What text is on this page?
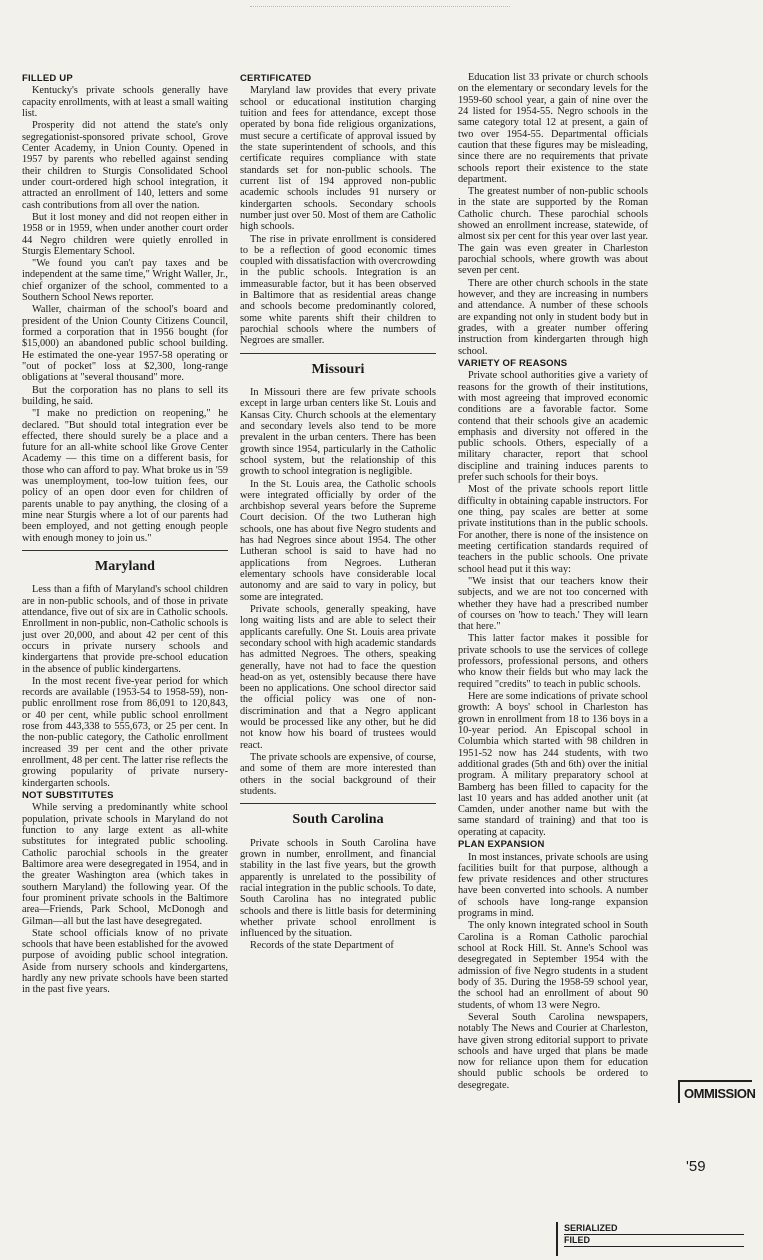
FILLED UP

Kentucky's private schools generally have capacity enrollments, with at least a small waiting list.

Prosperity did not attend the state's only segregationist-sponsored private school, Grove Center Academy, in Union County. Opened in 1957 by parents who rebelled against sending their children to Sturgis Consolidated School under court-ordered high school integration, it attracted an enrollment of 140, letters and some cash contributions from all over the nation.

But it lost money and did not reopen either in 1958 or in 1959, when under another court order 44 Negro children were quietly enrolled in Sturgis Elementary School.

"We found you can't pay taxes and be independent at the same time," Wright Waller, Jr., chief organizer of the school, commented to a Southern School News reporter.

Waller, chairman of the school's board and president of the Union County Citizens Council, formed a corporation that in 1956 bought (for $15,000) an abandoned public school building. He estimated the one-year 1957-58 operating or "out of pocket" loss at $2,300, long-range obligations at "several thousand" more.

But the corporation has no plans to sell its building, he said.

"I make no prediction on reopening," he declared. "But should total integration ever be effected, there should surely be a place and a future for an all-white school like Grove Center Academy — this time on a different basis, for those who can afford to pay. What broke us in '59 was unemployment, too-low tuition fees, our policy of an open door even for children of parents unable to pay anything, the closing of a mine near Sturgis where a lot of our parents had been employed, and not getting enough people with enough money to join us."

Maryland

Less than a fifth of Maryland's school children are in non-public schools, and of those in private attendance, five out of six are in Catholic schools. Enrollment in non-public, non-Catholic schools is just over 20,000, and about 42 per cent of this occurs in private nursery schools and kindergartens that provide pre-school education in the absence of public kindergartens.

In the most recent five-year period for which records are available (1953-54 to 1958-59), non-public enrollment rose from 86,091 to 120,843, or 40 per cent, while public school enrollment rose from 443,338 to 555,673, or 25 per cent. In the non-public category, the Catholic enrollment increased 39 per cent and the other private enrollment, 48 per cent. The latter rise reflects the growing popularity of private nursery-kindergarten schools.

NOT SUBSTITUTES

While serving a predominantly white school population, private schools in Maryland do not function to any large extent as all-white substitutes for integrated public schooling. Catholic parochial schools in the greater Baltimore area were desegregated in 1954, and in the greater Washington area (which takes in southern Maryland) the following year. Of the four prominent private schools in the Baltimore area—Friends, Park School, McDonogh and Gilman—all but the last have desegregated.

State school officials know of no private schools that have been established for the avowed purpose of avoiding public school integration. Aside from nursery schools and kindergartens, hardly any new private schools have been started in the past five years.

CERTIFICATED

Maryland law provides that every private school or educational institution charging tuition and fees for attendance, except those operated by bona fide religious organizations, must secure a certificate of approval issued by the state superintendent of schools, and this certificate requires compliance with state standards set for non-public schools. The current list of 194 approved non-public academic schools includes 91 nursery or kindergarten schools. Secondary schools number just over 50. Most of them are Catholic high schools.

The rise in private enrollment is considered to be a reflection of good economic times coupled with dissatisfaction with overcrowding in the public schools. Integration is an immeasurable factor, but it has been observed in Baltimore that as residential areas change and schools become predominantly colored, some white parents shift their children to parochial schools where the numbers of Negroes are smaller.

Missouri

In Missouri there are few private schools except in large urban centers like St. Louis and Kansas City. Church schools at the elementary and secondary levels also tend to be more prevalent in the urban centers. There has been growth since 1954, particularly in the Catholic school system, but the relationship of this growth to school integration is negligible.

In the St. Louis area, the Catholic schools were integrated officially by order of the archbishop several years before the Supreme Court decision. Of the two Lutheran high schools, one has about five Negro students and has had Negroes since about 1954. The other Lutheran school is said to have had no applications from Negroes. Lutheran elementary schools have considerable local autonomy and are said to vary in policy, but some are integrated.

Private schools, generally speaking, have long waiting lists and are able to select their applicants carefully. One St. Louis area private secondary school with high academic standards has admitted Negroes. The others, speaking generally, have not had to face the question head-on as yet, ostensibly because there have been no applications. One school director said the official policy was one of non-discrimination and that a Negro applicant would be processed like any other, but he did not know how his board of trustees would react.

The private schools are expensive, of course, and some of them are more interested than others in the social background of their students.

South Carolina

Private schools in South Carolina have grown in number, enrollment, and financial stability in the last five years, but the growth apparently is unrelated to the possibility of racial integration in the public schools. To date, South Carolina has no integrated public schools and there is little basis for determining whether private school enrollment is influenced by the situation.

Records of the state Department of

Education list 33 private or church schools on the elementary or secondary levels for the 1959-60 school year, a gain of nine over the 24 listed for 1954-55. Negro schools in the same category total 12 at present, a gain of two over 1954-55. Departmental officials caution that these figures may be misleading, since there are no requirements that private schools report their existence to the state department.

The greatest number of non-public schools in the state are supported by the Roman Catholic church. These parochial schools showed an enrollment increase, statewide, of almost six per cent for this year over last year. The gain was even greater in Charleston parochial schools, where growth was about seven per cent.

There are other church schools in the state however, and they are increasing in numbers and attendance. A number of these schools are expanding not only in student body but in grades, with a greater number offering instruction from kindergarten through high school.

VARIETY OF REASONS

Private school authorities give a variety of reasons for the growth of their institutions, with most agreeing that improved economic conditions are a favorable factor. Some contend that their schools give an academic emphasis and diversity not offered in the public schools. Others, especially of a military character, report that school discipline and training induces parents to prefer such schools for their boys.

Most of the private schools report little difficulty in obtaining capable instructors. For one thing, pay scales are better at some private institutions than in the public schools. For another, there is none of the insistence on meeting certification standards required of teachers in the public schools. One private school head put it this way:

"We insist that our teachers know their subjects, and we are not too concerned with whether they have had a prescribed number of courses on 'how to teach.' They will learn that here."

This latter factor makes it possible for private schools to use the services of college professors, professional persons, and others who know their fields but who may lack the required "credits" to teach in public schools.

Here are some indications of private school growth: A boys' school in Charleston has grown in enrollment from 18 to 136 boys in a 10-year period. An Episcopal school in Columbia which started with 98 children in 1951-52 now has 244 students, with two additional grades (5th and 6th) over the initial program. A military preparatory school at Bamberg has been filled to capacity for the last 10 years and has added another unit (at Camden, under another name but with the same standard of training) and that too is operating at capacity.

PLAN EXPANSION

In most instances, private schools are using facilities built for that purpose, although a few private residences and other structures have been converted into schools. A number of schools have long-range expansion programs in mind.

The only known integrated school in South Carolina is a Roman Catholic parochial school at Rock Hill. St. Anne's School was desegregated in September 1954 with the admission of five Negro students in a student body of 35. During the 1958-59 school year, the school had an enrollment of about 90 students, of whom 13 were Negro.

Several South Carolina newspapers, notably The News and Courier at Charleston, have given strong editorial support to private schools and have urged that plans be made now for reliance upon them for education should public schools be ordered to desegregate.

OMMISSION
'59
SERIALIZED
FILED
